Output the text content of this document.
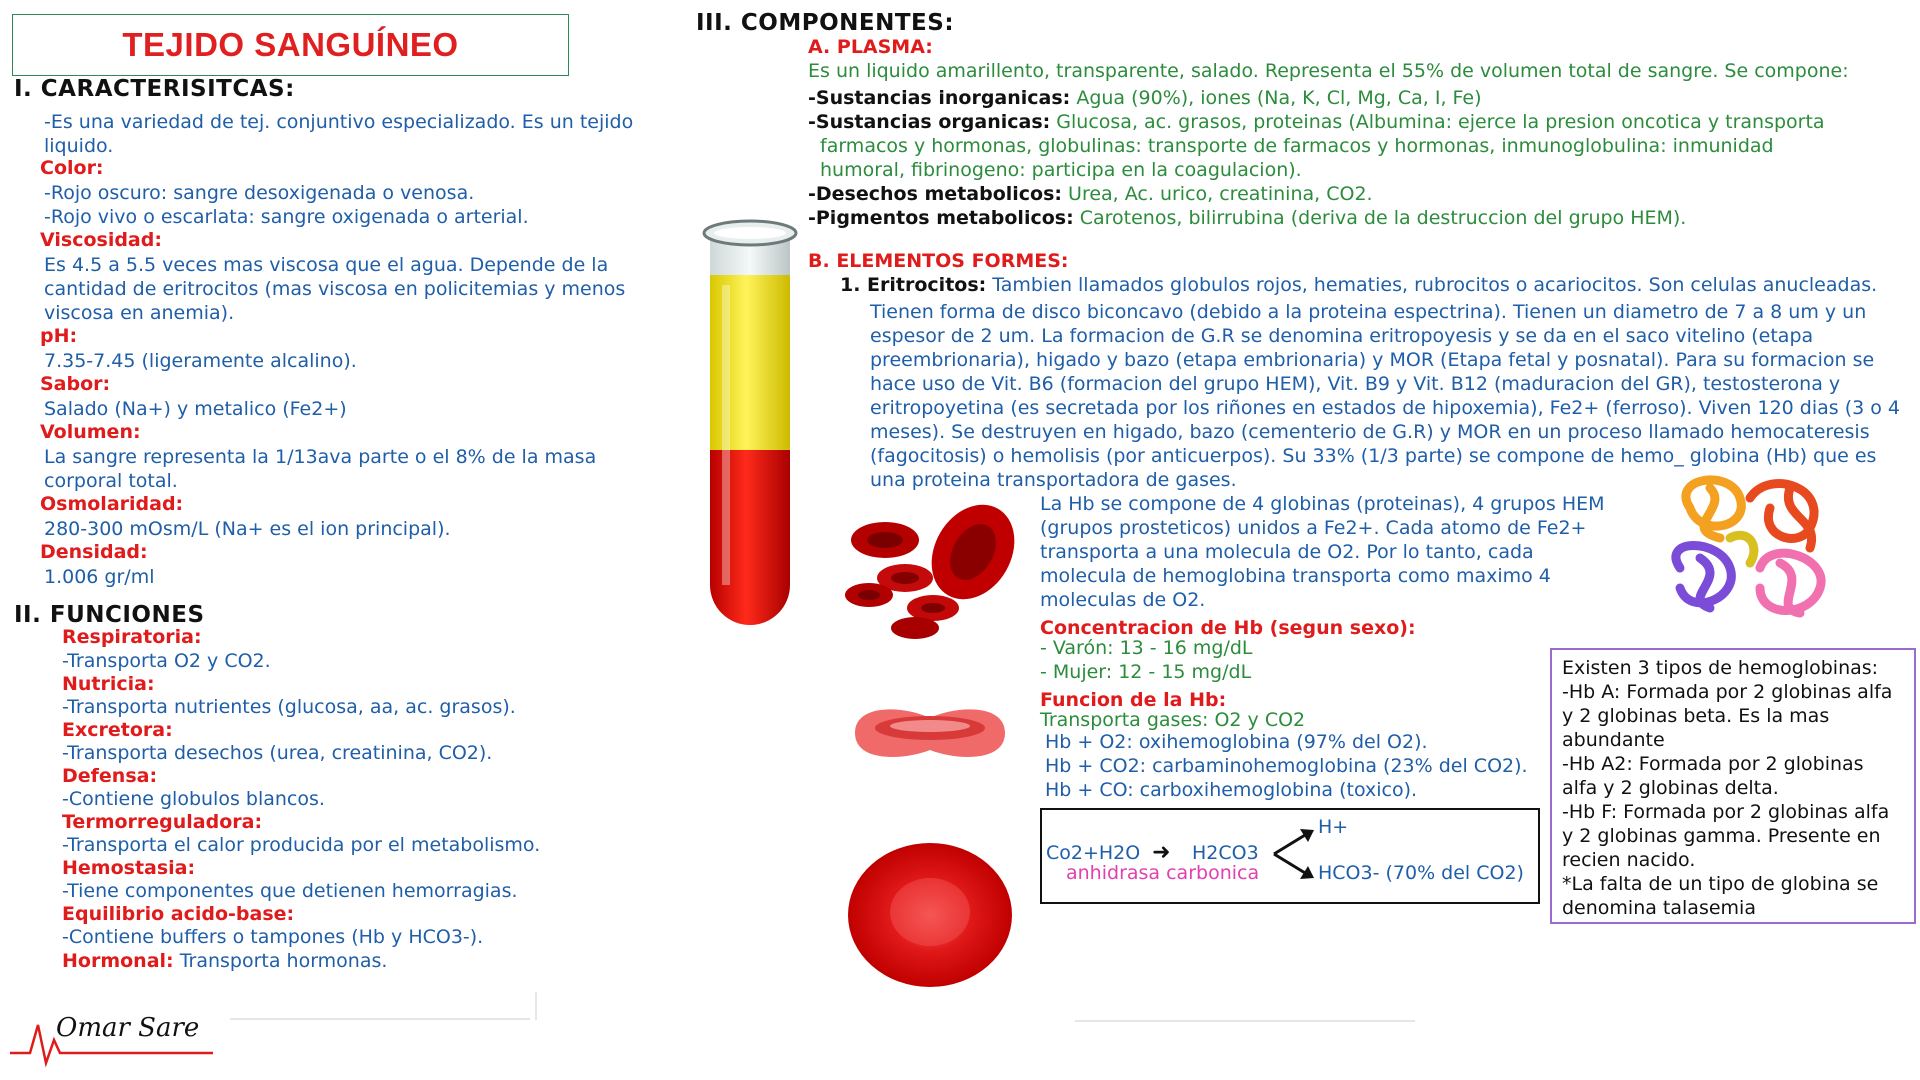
TEJIDO SANGUÍNEO
I. CARACTERISITCAS:
-Es una variedad de tej. conjuntivo especializado. Es un tejido liquido.
Color:
-Rojo oscuro: sangre desoxigenada o venosa.
-Rojo vivo o escarlata: sangre oxigenada o arterial.
Viscosidad:
Es 4.5 a 5.5 veces mas viscosa que el agua. Depende de la cantidad de eritrocitos (mas viscosa en policitemias y menos viscosa en anemia).
pH:
7.35-7.45 (ligeramente alcalino).
Sabor:
Salado (Na+) y metalico (Fe2+)
Volumen:
La sangre representa la 1/13ava parte o el 8% de la masa corporal total.
Osmolaridad:
280-300 mOsm/L (Na+ es el ion principal).
Densidad:
1.006 gr/ml
II. FUNCIONES
Respiratoria:
-Transporta O2 y CO2.
Nutricia:
-Transporta nutrientes (glucosa, aa, ac. grasos).
Excretora:
-Transporta desechos (urea, creatinina, CO2).
Defensa:
-Contiene globulos blancos.
Termorreguladora:
-Transporta el calor producida por el metabolismo.
Hemostasia:
-Tiene componentes que detienen hemorragias.
Equilibrio acido-base:
-Contiene buffers o tampones (Hb y HCO3-).
Hormonal: Transporta hormonas.
Omar Sare
III. COMPONENTES:
A. PLASMA:
Es un liquido amarillento, transparente, salado. Representa el 55% de volumen total de sangre. Se compone:
-Sustancias inorganicas: Agua (90%), iones (Na, K, Cl, Mg, Ca, I, Fe)
-Sustancias organicas: Glucosa, ac. grasos, proteinas (Albumina: ejerce la presion oncotica y transporta
farmacos y hormonas, globulinas: transporte de farmacos y hormonas, inmunoglobulina: inmunidad
humoral, fibrinogeno: participa en la coagulacion).
-Desechos metabolicos: Urea, Ac. urico, creatinina, CO2.
-Pigmentos metabolicos: Carotenos, bilirrubina (deriva de la destruccion del grupo HEM).
B. ELEMENTOS FORMES:
1. Eritrocitos: Tambien llamados globulos rojos, hematies, rubrocitos o acariocitos. Son celulas anucleadas.
Tienen forma de disco biconcavo (debido a la proteina espectrina). Tienen un diametro de 7 a 8 um y un espesor de 2 um. La formacion de G.R se denomina eritropoyesis y se da en el saco vitelino (etapa preembrionaria), higado y bazo (etapa embrionaria) y MOR (Etapa fetal y posnatal). Para su formacion se hace uso de Vit. B6 (formacion del grupo HEM), Vit. B9 y Vit. B12 (maduracion del GR), testosterona y eritropoyetina (es secretada por los riñones en estados de hipoxemia), Fe2+ (ferroso). Viven 120 dias (3 o 4 meses). Se destruyen en higado, bazo (cementerio de G.R) y MOR en un proceso llamado hemocateresis (fagocitosis) o hemolisis (por anticuerpos). Su 33% (1/3 parte) se compone de hemo_ globina (Hb) que es una proteina transportadora de gases.
La Hb se compone de 4 globinas (proteinas), 4 grupos HEM (grupos prosteticos) unidos a Fe2+. Cada atomo de Fe2+ transporta a una molecula de O2. Por lo tanto, cada molecula de hemoglobina transporta como maximo 4 moleculas de O2.
Concentracion de Hb (segun sexo):
- Varón: 13 - 16 mg/dL
- Mujer: 12 - 15 mg/dL
Funcion de la Hb:
Transporta gases: O2 y CO2
Hb + O2: oxihemoglobina (97% del O2).
Hb + CO2: carbaminohemoglobina (23% del CO2).
Hb + CO: carboxihemoglobina (toxico).
Co2+H2O ➜ H2CO3
H+
HCO3- (70% del CO2)
anhidrasa carbonica
Existen 3 tipos de hemoglobinas:
-Hb A: Formada por 2 globinas alfa y 2 globinas beta. Es la mas abundante
-Hb A2: Formada por 2 globinas alfa y 2 globinas delta.
-Hb F: Formada por 2 globinas alfa y 2 globinas gamma. Presente en recien nacido.
*La falta de un tipo de globina se denomina talasemia
